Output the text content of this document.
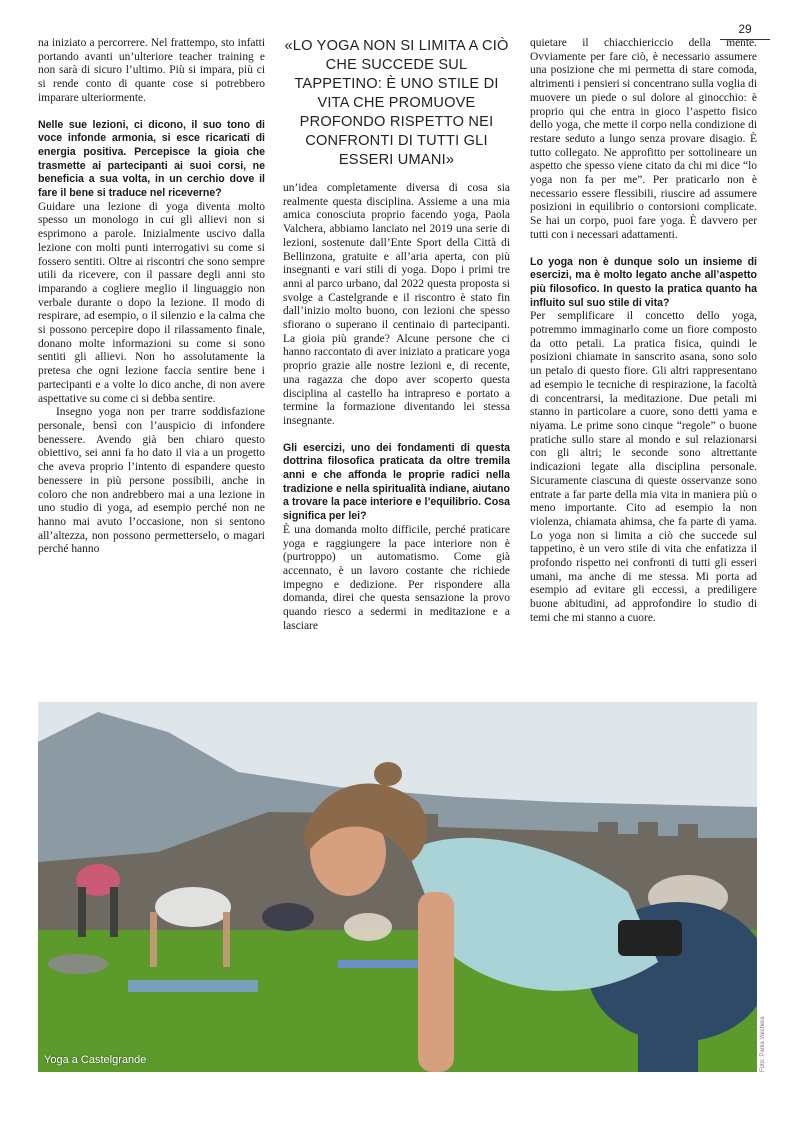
29

na iniziato a percorrere. Nel frattempo, sto infatti portando avanti un’ulteriore teacher training e non sarà di sicuro l’ultimo. Più si impara, più ci si rende conto di quante cose si potrebbero imparare ulteriormente.

Nelle sue lezioni, ci dicono, il suo tono di voce infonde armonia, si esce ricaricati di energia positiva. Percepisce la gioia che trasmette ai partecipanti ai suoi corsi, ne beneficia a sua volta, in un cerchio dove il fare il bene si traduce nel riceverne?

Guidare una lezione di yoga diventa molto spesso un monologo in cui gli allievi non si esprimono a parole. Inizialmente uscivo dalla lezione con molti punti interrogativi su come si fossero sentiti. Oltre ai riscontri che sono sempre utili da ricevere, con il passare degli anni sto imparando a cogliere meglio il linguaggio non verbale durante o dopo la lezione. Il modo di respirare, ad esempio, o il silenzio e la calma che si possono percepire dopo il rilassamento finale, donano molte informazioni su come si sono sentiti gli allievi. Non ho assolutamente la pretesa che ogni lezione faccia sentire bene i partecipanti e a volte lo dico anche, di non avere aspettative su come ci si debba sentire.

Insegno yoga non per trarre soddisfazione personale, bensì con l’auspicio di infondere benessere. Avendo già ben chiaro questo obiettivo, sei anni fa ho dato il via a un progetto che aveva proprio l’intento di espandere questo benessere in più persone possibili, anche in coloro che non andrebbero mai a una lezione in uno studio di yoga, ad esempio perché non ne hanno mai avuto l’occasione, non si sentono all’altezza, non possono permetterselo, o magari perché hanno

«LO YOGA NON SI LIMITA A CIÒ CHE SUCCEDE SUL TAPPETINO: È UNO STILE DI VITA CHE PROMUOVE PROFONDO RISPETTO NEI CONFRONTI DI TUTTI GLI ESSERI UMANI»

un’idea completamente diversa di cosa sia realmente questa disciplina. Assieme a una mia amica conosciuta proprio facendo yoga, Paola Valchera, abbiamo lanciato nel 2019 una serie di lezioni, sostenute dall’Ente Sport della Città di Bellinzona, gratuite e all’aria aperta, con più insegnanti e vari stili di yoga. Dopo i primi tre anni al parco urbano, dal 2022 questa proposta si svolge a Castelgrande e il riscontro è stato fin dall’inizio molto buono, con lezioni che spesso sfiorano o superano il centinaio di partecipanti. La gioia più grande? Alcune persone che ci hanno raccontato di aver iniziato a praticare yoga proprio grazie alle nostre lezioni e, di recente, una ragazza che dopo aver scoperto questa disciplina al castello ha intrapreso e portato a termine la formazione diventando lei stessa insegnante.

Gli esercizi, uno dei fondamenti di questa dottrina filosofica praticata da oltre tremila anni e che affonda le proprie radici nella tradizione e nella spiritualità indiane, aiutano a trovare la pace interiore e l’equilibrio. Cosa significa per lei?

È una domanda molto difficile, perché praticare yoga e raggiungere la pace interiore non è (purtroppo) un automatismo. Come già accennato, è un lavoro costante che richiede impegno e dedizione. Per rispondere alla domanda, direi che questa sensazione la provo quando riesco a sedermi in meditazione e a lasciare

quietare il chiacchiericcio della mente. Ovviamente per fare ciò, è necessario assumere una posizione che mi permetta di stare comoda, altrimenti i pensieri si concentrano sulla voglia di muovere un piede o sul dolore al ginocchio: è proprio qui che entra in gioco l’aspetto fisico dello yoga, che mette il corpo nella condizione di restare seduto a lungo senza provare disagio. È tutto collegato. Ne approfitto per sottolineare un aspetto che spesso viene citato da chi mi dice “lo yoga non fa per me”. Per praticarlo non è necessario essere flessibili, riuscire ad assumere posizioni in equilibrio o contorsioni complicate. Se hai un corpo, puoi fare yoga. È davvero per tutti con i necessari adattamenti.

Lo yoga non è dunque solo un insieme di esercizi, ma è molto legato anche all’aspetto più filosofico. In questo la pratica quanto ha influito sul suo stile di vita?

Per semplificare il concetto dello yoga, potremmo immaginarlo come un fiore composto da otto petali. La pratica fisica, quindi le posizioni chiamate in sanscrito asana, sono solo un petalo di questo fiore. Gli altri rappresentano ad esempio le tecniche di respirazione, la facoltà di concentrarsi, la meditazione. Due petali mi stanno in particolare a cuore, sono detti yama e niyama. Le prime sono cinque “regole” o buone pratiche sullo stare al mondo e sul relazionarsi con gli altri; le seconde sono altrettante indicazioni legate alla disciplina personale. Sicuramente ciascuna di queste osservanze sono entrate a far parte della mia vita in maniera più o meno importante. Cito ad esempio la non violenza, chiamata ahimsa, che fa parte di yama. Lo yoga non si limita a ciò che succede sul tappetino, è un vero stile di vita che enfatizza il profondo rispetto nei confronti di tutti gli esseri umani, ma anche di me stessa. Mi porta ad esempio ad evitare gli eccessi, a prediligere buone abitudini, ad approfondire lo studio di temi che mi stanno a cuore.

Yoga a Castelgrande	Foto: Paola Valchera
